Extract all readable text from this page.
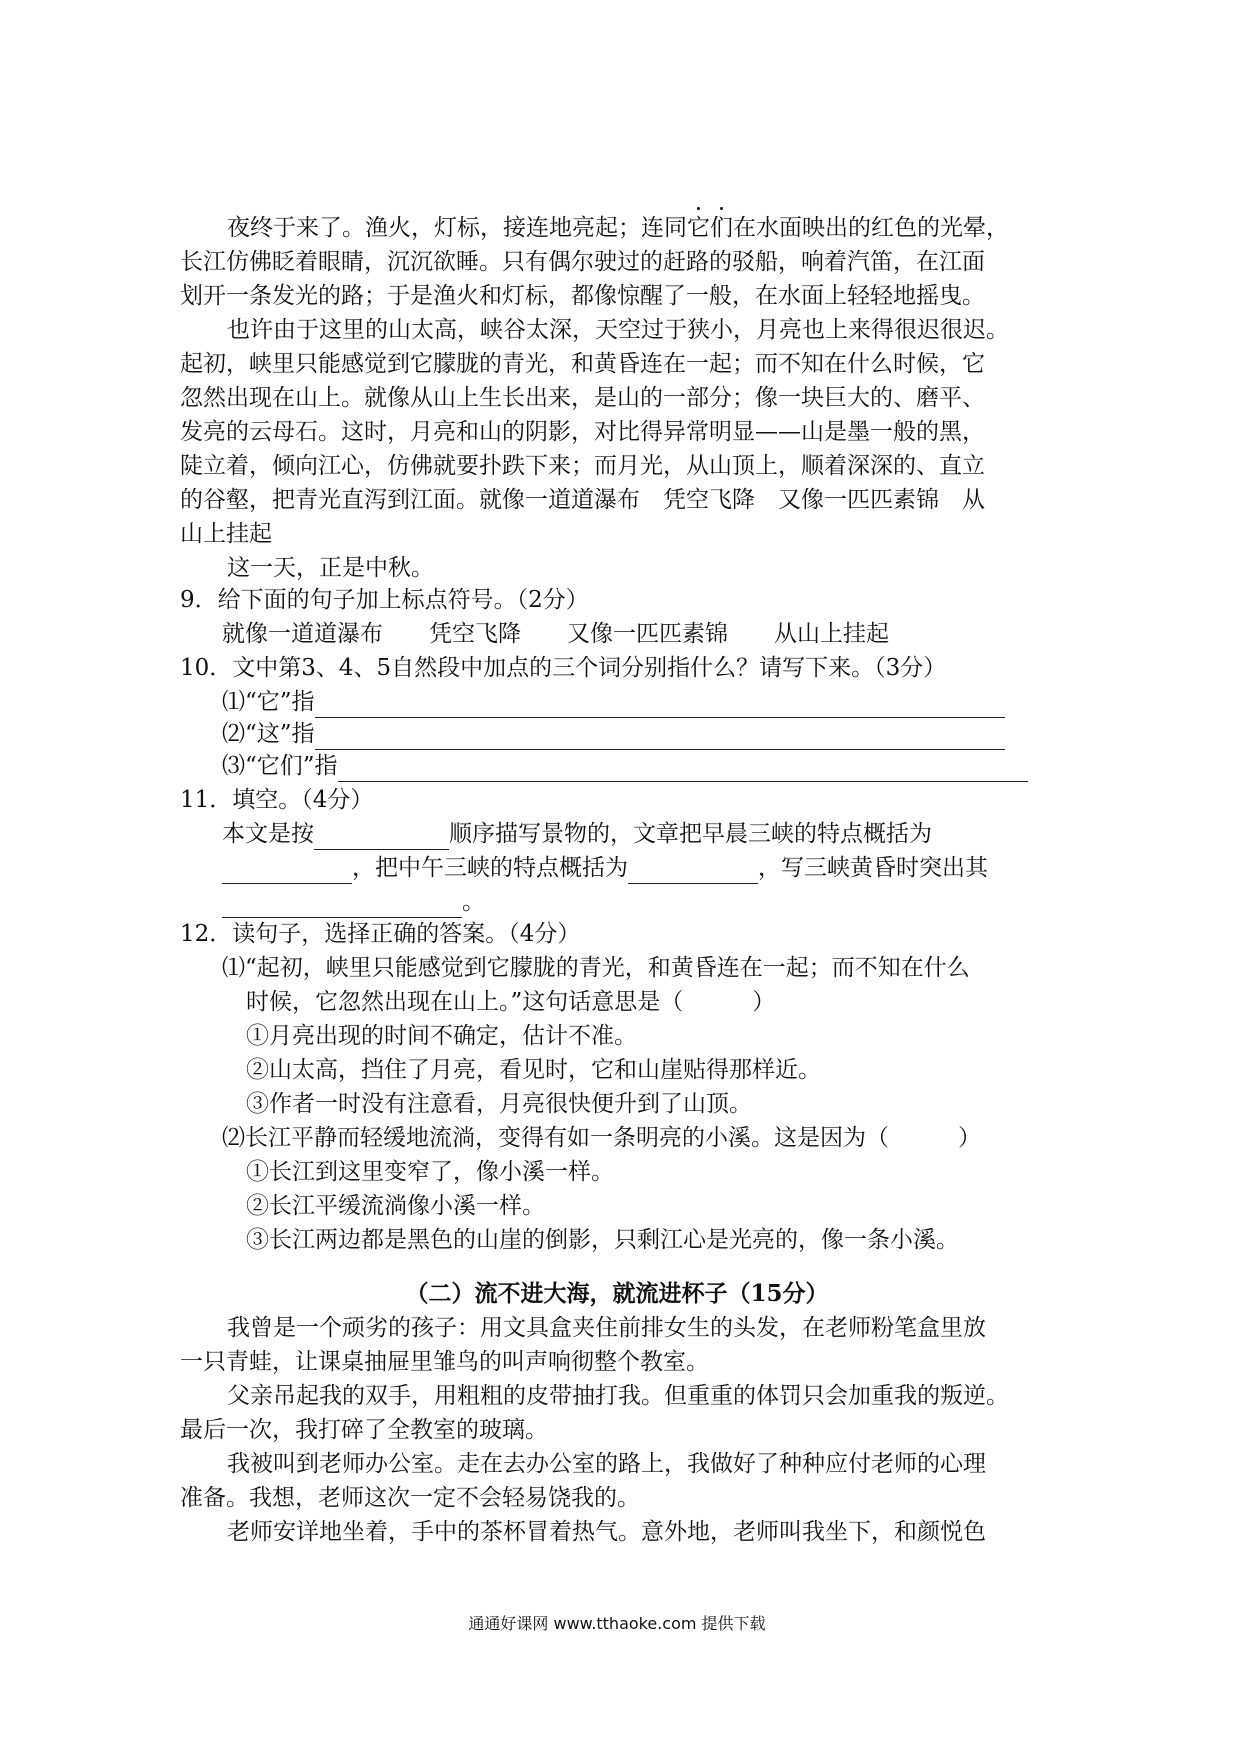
夜终于来了。渔火，灯标，接连地亮起；连同它们在水面映出的红色的光晕，
长江仿佛眨着眼睛，沉沉欲睡。只有偶尔驶过的赶路的驳船，响着汽笛，在江面
划开一条发光的路；于是渔火和灯标，都像惊醒了一般，在水面上轻轻地摇曳。
也许由于这里的山太高，峡谷太深，天空过于狭小，月亮也上来得很迟很迟。
起初，峡里只能感觉到它朦胧的青光，和黄昏连在一起；而不知在什么时候，它
忽然出现在山上。就像从山上生长出来，是山的一部分；像一块巨大的、磨平、
发亮的云母石。这时，月亮和山的阴影，对比得异常明显——山是墨一般的黑，
陡立着，倾向江心，仿佛就要扑跌下来；而月光，从山顶上，顺着深深的、直立
的谷壑，把青光直泻到江面。就像一道道瀑布　凭空飞降　又像一匹匹素锦　从
山上挂起
这一天，正是中秋。
9．给下面的句子加上标点符号。（2分）
就像一道道瀑布　　凭空飞降　　又像一匹匹素锦　　从山上挂起
10．文中第3、4、5自然段中加点的三个词分别指什么？请写下来。（3分）
⑴“它”指
⑵“这”指
⑶“它们”指
11．填空。（4分）
本文是按	顺序描写景物的，文章把早晨三峡的特点概括为
，把中午三峡的特点概括为	，写三峡黄昏时突出其
。
12．读句子，选择正确的答案。（4分）
⑴“起初，峡里只能感觉到它朦胧的青光，和黄昏连在一起；而不知在什么
时候，它忽然出现在山上。”这句话意思是（　　　）
①月亮出现的时间不确定，估计不准。
②山太高，挡住了月亮，看见时，它和山崖贴得那样近。
③作者一时没有注意看，月亮很快便升到了山顶。
⑵长江平静而轻缓地流淌，变得有如一条明亮的小溪。这是因为（　　　）
①长江到这里变窄了，像小溪一样。
②长江平缓流淌像小溪一样。
③长江两边都是黑色的山崖的倒影，只剩江心是光亮的，像一条小溪。
（二）流不进大海，就流进杯子（15分）
我曾是一个顽劣的孩子：用文具盒夹住前排女生的头发，在老师粉笔盒里放
一只青蛙，让课桌抽屉里雏鸟的叫声响彻整个教室。
父亲吊起我的双手，用粗粗的皮带抽打我。但重重的体罚只会加重我的叛逆。
最后一次，我打碎了全教室的玻璃。
我被叫到老师办公室。走在去办公室的路上，我做好了种种应付老师的心理
准备。我想，老师这次一定不会轻易饶我的。
老师安详地坐着，手中的茶杯冒着热气。意外地，老师叫我坐下，和颜悦色
通通好课网 www.tthaoke.com 提供下载
